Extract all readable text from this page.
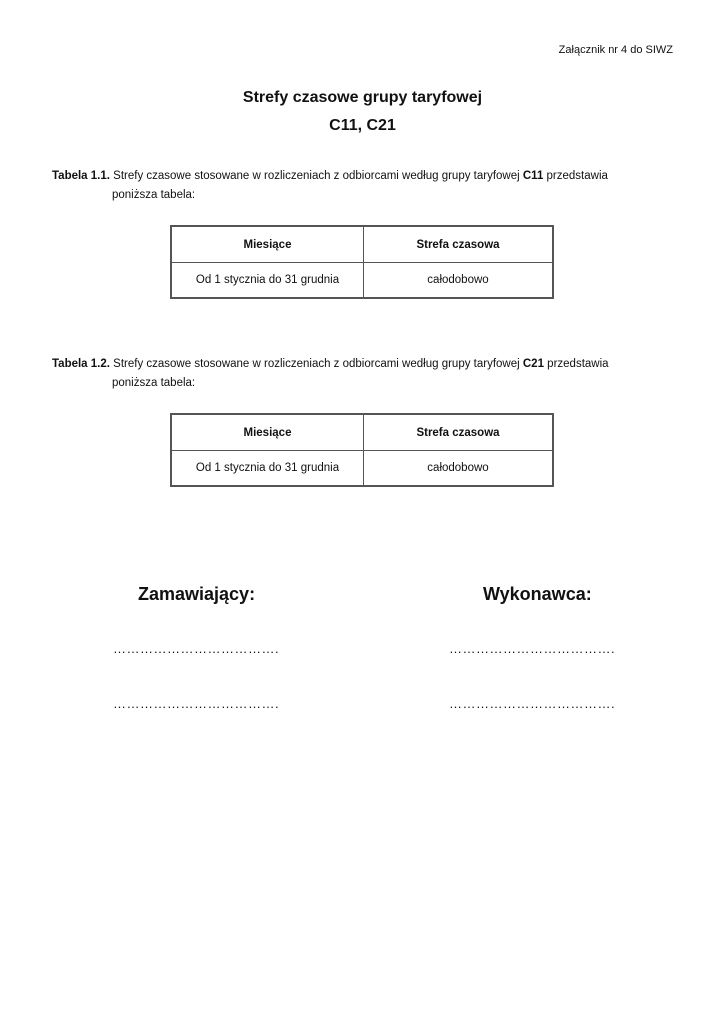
Załącznik nr 4 do SIWZ
Strefy czasowe grupy taryfowej
C11, C21
Tabela 1.1. Strefy czasowe stosowane w rozliczeniach z odbiorcami według grupy taryfowej C11 przedstawia
poniższa tabela:
Miesiące	Strefa czasowa
Od 1 stycznia do 31 grudnia	całodobowo
Tabela 1.2. Strefy czasowe stosowane w rozliczeniach z odbiorcami według grupy taryfowej C21 przedstawia
poniższa tabela:
Miesiące	Strefa czasowa
Od 1 stycznia do 31 grudnia	całodobowo
Zamawiający:	Wykonawca:
……………………………….	……………………………….
……………………………….	……………………………….
